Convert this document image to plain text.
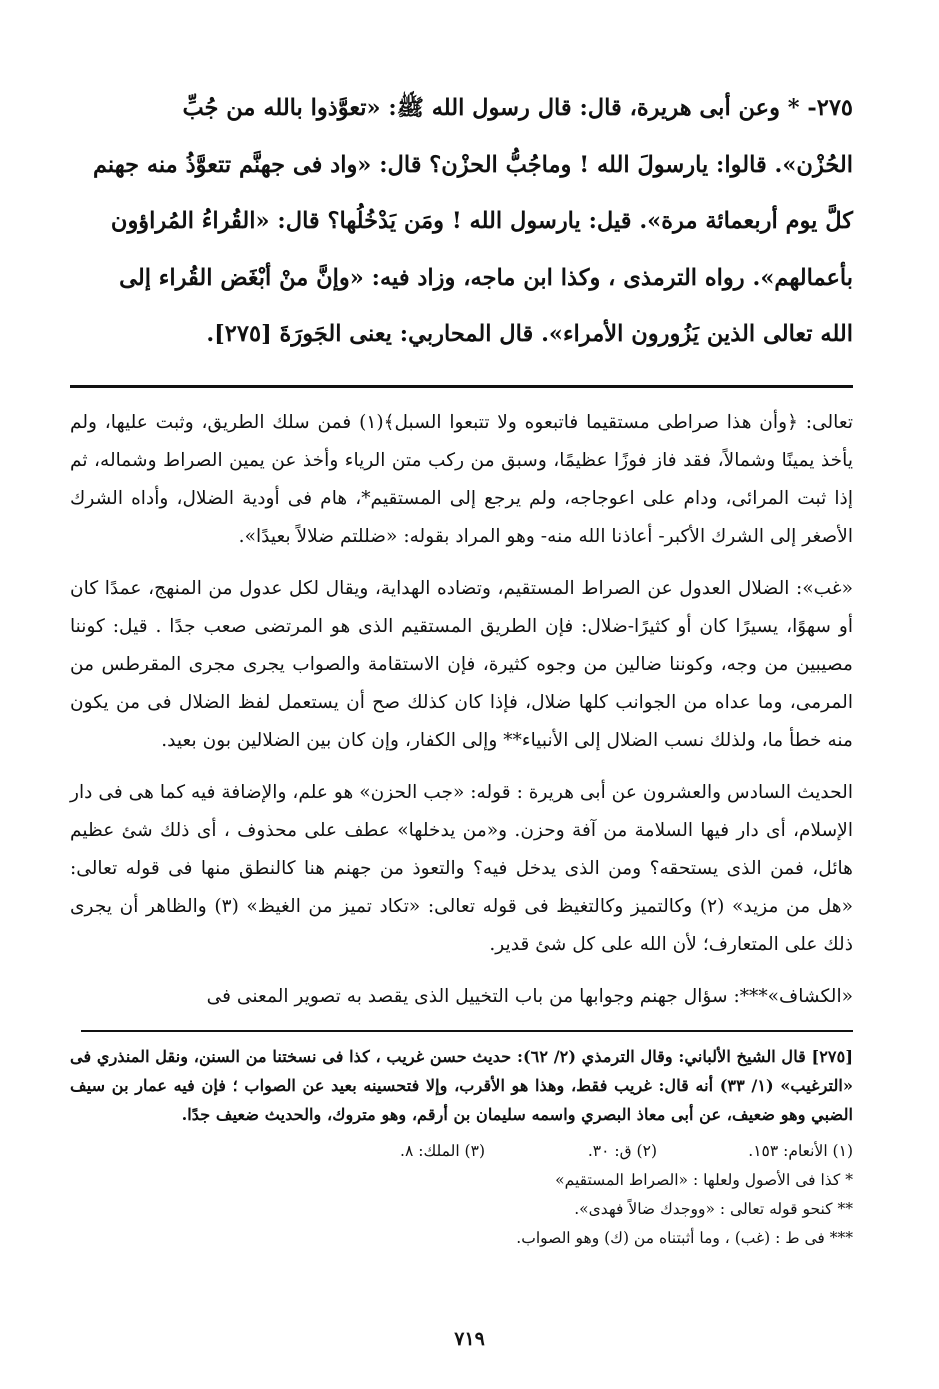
٢٧٥- * وعن أبى هريرة، قال: قال رسول الله ﷺ: «تعوَّذوا بالله من جُبِّ

الحُزْن». قالوا: يارسولَ الله ! وماجُبُّ الحزْن؟ قال: «واد فى جهنَّم تتعوَّذُ منه جهنم

كلَّ يوم أربعمائة مرة». قيل: يارسول الله ! ومَن يَدْخُلُها؟ قال: «القُراءُ المُراؤون

بأعمالهم». رواه الترمذى ، وكذا ابن ماجه، وزاد فيه: «وإنَّ منْ أبْغَض القُراء إلى

الله تعالى الذين يَزُورون الأمراء». قال المحاربي: يعنى الجَورَةَ [٢٧٥].

تعالى: ﴿وأن هذا صراطى مستقيما فاتبعوه ولا تتبعوا السبل﴾(١) فمن سلك الطريق، وثبت عليها، ولم يأخذ يمينًا وشمالاً، فقد فاز فوزًا عظيمًا، وسبق من ركب متن الرياء وأخذ عن يمين الصراط وشماله، ثم إذا ثبت المرائى، ودام على اعوجاجه، ولم يرجع إلى المستقيم*، هام فى أودية الضلال، وأداه الشرك الأصغر إلى الشرك الأكبر- أعاذنا الله منه- وهو المراد بقوله: «ضللتم ضلالاً بعيدًا».

«غب»: الضلال العدول عن الصراط المستقيم، وتضاده الهداية، ويقال لكل عدول من المنهج، عمدًا كان أو سهوًا، يسيرًا كان أو كثيرًا-ضلال: فإن الطريق المستقيم الذى هو المرتضى صعب جدًا . قيل: كوننا مصيبين من وجه، وكوننا ضالين من وجوه كثيرة، فإن الاستقامة والصواب يجرى مجرى المقرطس من المرمى، وما عداه من الجوانب كلها ضلال، فإذا كان كذلك صح أن يستعمل لفظ الضلال فى من يكون منه خطأ ما، ولذلك نسب الضلال إلى الأنبياء** وإلى الكفار، وإن كان بين الضلالين بون بعيد.

الحديث السادس والعشرون عن أبى هريرة : قوله: «جب الحزن» هو علم، والإضافة فيه كما هى فى دار الإسلام، أى دار فيها السلامة من آفة وحزن. و«من يدخلها» عطف على محذوف ، أى ذلك شئ عظيم هائل، فمن الذى يستحقه؟ ومن الذى يدخل فيه؟ والتعوذ من جهنم هنا كالنطق منها فى قوله تعالى: «هل من مزيد» (٢) وكالتميز وكالتغيظ فى قوله تعالى: «تكاد تميز من الغيظ» (٣) والظاهر أن يجرى ذلك على المتعارف؛ لأن الله على كل شئ قدير.

«الكشاف»***: سؤال جهنم وجوابها من باب التخييل الذى يقصد به تصوير المعنى فى

[٢٧٥] قال الشيخ الألباني: وقال الترمذي (٢/ ٦٢): حديث حسن غريب ، كذا فى نسختنا من السنن، ونقل المنذري فى «الترغيب» (١/ ٣٣) أنه قال: غريب فقط، وهذا هو الأقرب، وإلا فتحسينه بعيد عن الصواب ؛ فإن فيه عمار بن سيف الضبي وهو ضعيف، عن أبى معاذ البصري واسمه سليمان بن أرقم، وهو متروك، والحديث ضعيف جدًا.

(١) الأنعام: ١٥٣.
(٢) ق: ٣٠.
(٣) الملك: ٨.
* كذا فى الأصول ولعلها : «الصراط المستقيم»
** كنحو قوله تعالى : «ووجدك ضالاً فهدى».
*** فى ط : (غب) ، وما أثبتناه من (ك) وهو الصواب.
٧١٩
